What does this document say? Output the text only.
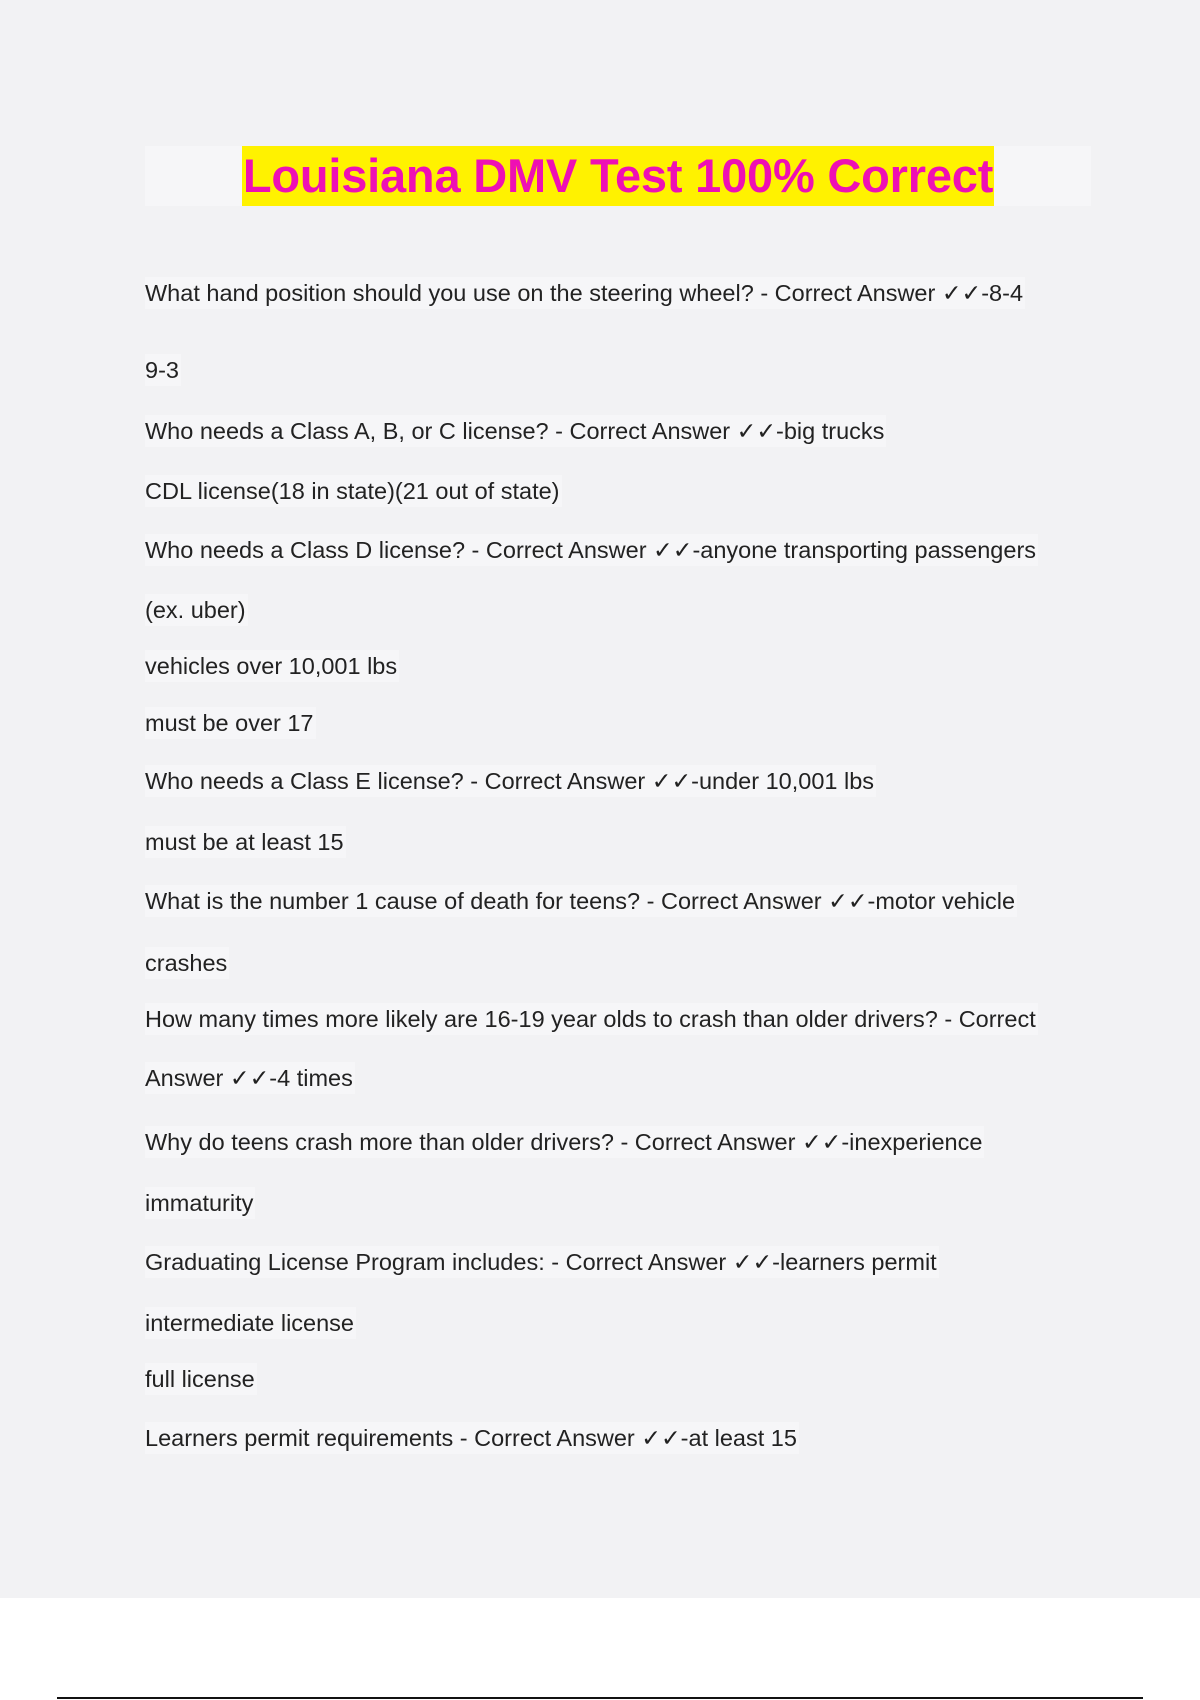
Louisiana DMV Test 100% Correct
What hand position should you use on the steering wheel? - Correct Answer ✓✓-8-4
9-3
Who needs a Class A, B, or C license? - Correct Answer ✓✓-big trucks
CDL license(18 in state)(21 out of state)
Who needs a Class D license? - Correct Answer ✓✓-anyone transporting passengers
(ex. uber)
vehicles over 10,001 lbs
must be over 17
Who needs a Class E license? - Correct Answer ✓✓-under 10,001 lbs
must be at least 15
What is the number 1 cause of death for teens? - Correct Answer ✓✓-motor vehicle
crashes
How many times more likely are 16-19 year olds to crash than older drivers? - Correct
Answer ✓✓-4 times
Why do teens crash more than older drivers? - Correct Answer ✓✓-inexperience
immaturity
Graduating License Program includes: - Correct Answer ✓✓-learners permit
intermediate license
full license
Learners permit requirements - Correct Answer ✓✓-at least 15
